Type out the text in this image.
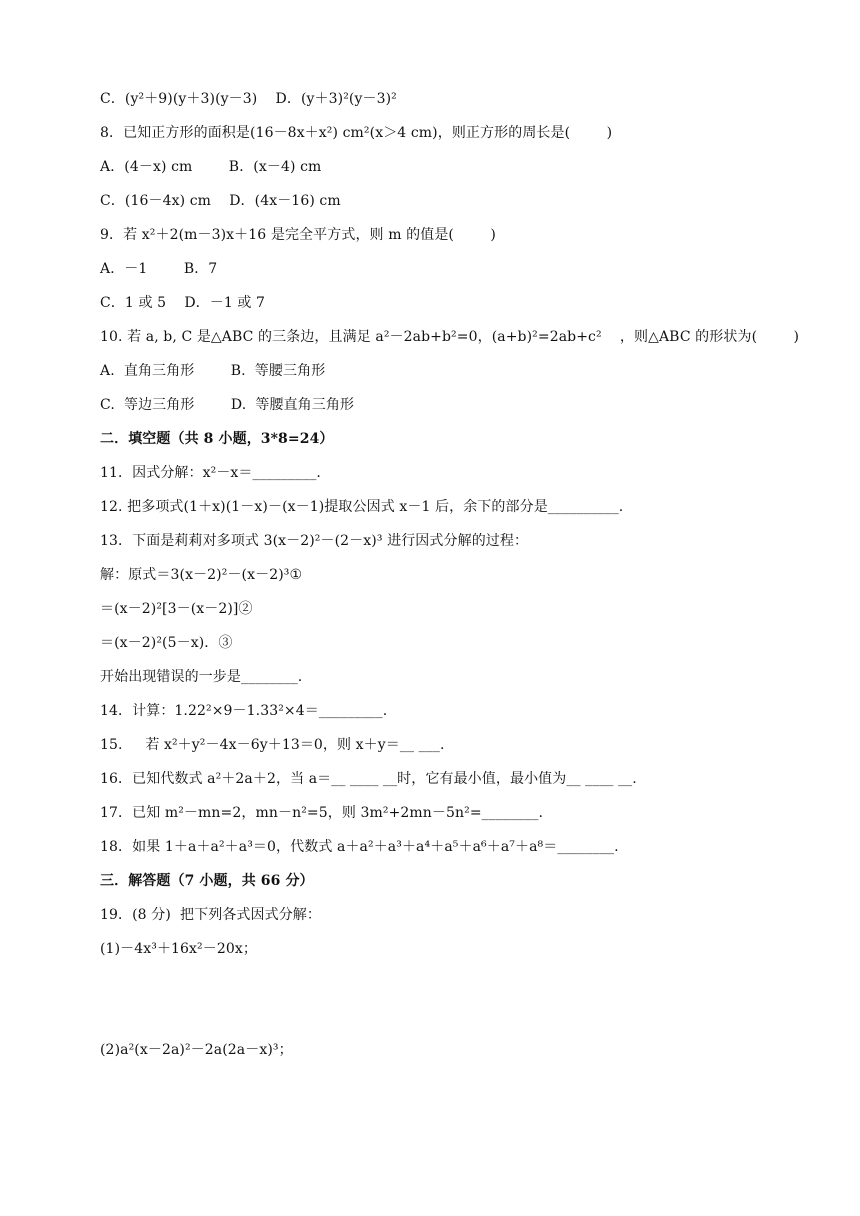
C．(y²＋9)(y＋3)(y－3)    D．(y＋3)²(y－3)²
8．已知正方形的面积是(16－8x＋x²) cm²(x＞4 cm)，则正方形的周长是(        )
A．(4－x) cm        B．(x－4) cm
C．(16－4x) cm    D．(4x－16) cm
9．若 x²＋2(m－3)x＋16 是完全平方式，则 m 的值是(        )
A．－1        B．7
C．1 或 5    D．－1 或 7
10. 若 a, b, C 是△ABC 的三条边，且满足 a²－2ab+b²=0，(a+b)²=2ab+c²    ，则△ABC 的形状为(        )
A.  直角三角形        B.  等腰三角形
C.  等边三角形        D.  等腰直角三角形
二．填空题（共 8 小题，3*8=24）
11．因式分解：x²－x＝_________.
12. 把多项式(1＋x)(1－x)－(x－1)提取公因式 x－1 后，余下的部分是__________.
13．下面是莉莉对多项式 3(x－2)²－(2－x)³ 进行因式分解的过程：
解：原式＝3(x－2)²－(x－2)³①
＝(x－2)²[3－(x－2)]②
＝(x－2)²(5－x)．③
开始出现错误的一步是________.
14．计算：1.22²×9－1.33²×4＝_________.
15.     若 x²＋y²－4x－6y＋13＝0，则 x＋y＝__ ___.
16．已知代数式 a²＋2a＋2，当 a＝__ ____ __时，它有最小值，最小值为__ ____ __.
17．已知 m²－mn=2，mn－n²=5，则 3m²+2mn－5n²=________.
18．如果 1＋a＋a²＋a³＝0，代数式 a＋a²＋a³＋a⁴＋a⁵＋a⁶＋a⁷＋a⁸＝________.
三．解答题（7 小题，共 66 分）
19．(8 分)  把下列各式因式分解：
(1)－4x³＋16x²－20x；
(2)a²(x－2a)²－2a(2a－x)³；
